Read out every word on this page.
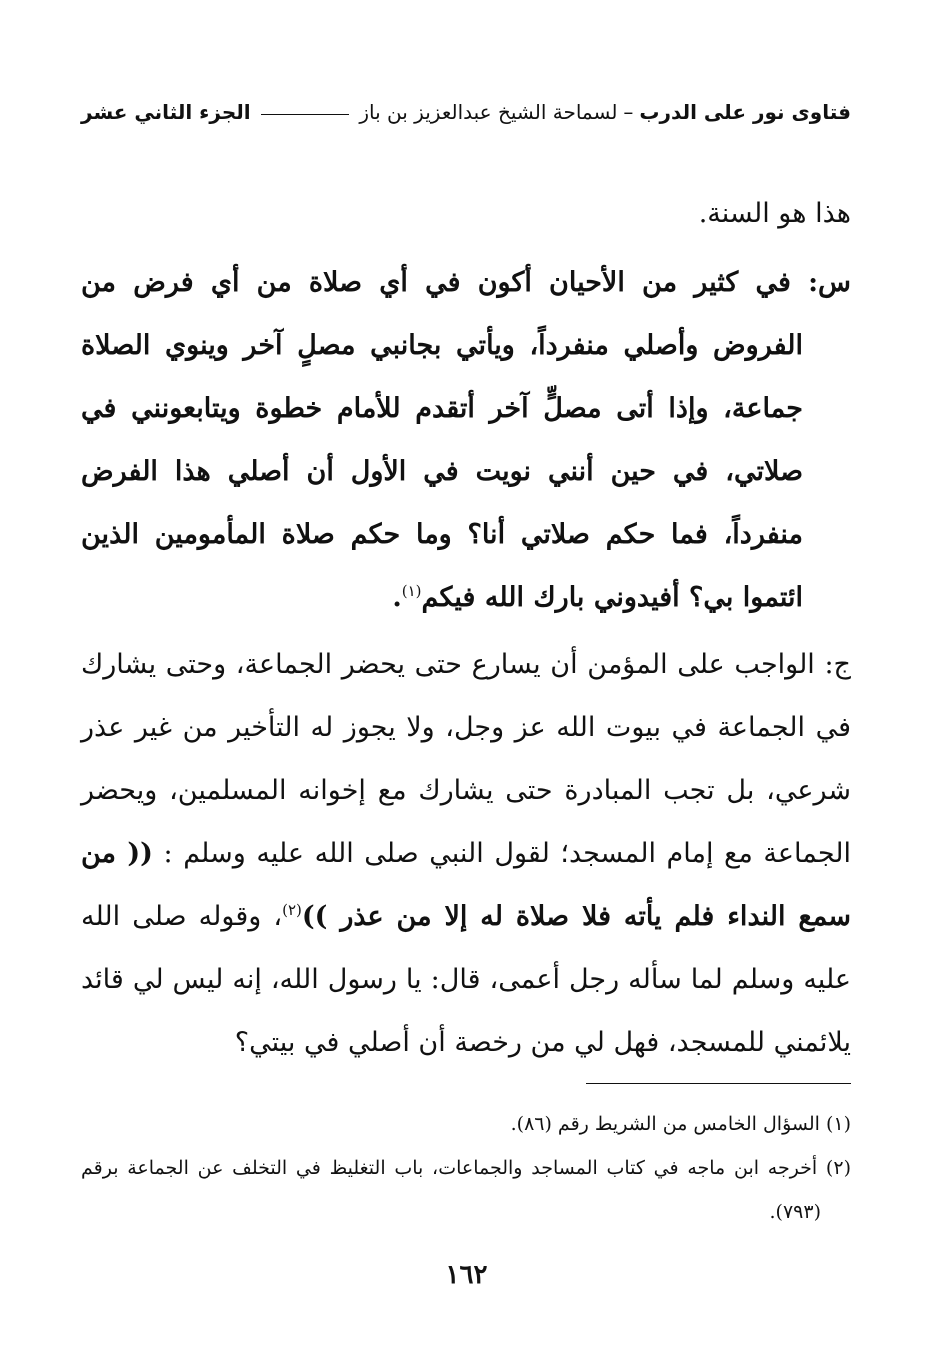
فتاوى نور على الدرب
–
لسماحة الشيخ عبدالعزيز بن باز
الجزء الثاني عشر

هذا هو السنة.

س: في كثير من الأحيان أكون في أي صلاة من أي فرض من الفروض وأصلي منفرداً، ويأتي بجانبي مصلٍ آخر وينوي الصلاة جماعة، وإذا أتى مصلٍّ آخر أتقدم للأمام خطوة ويتابعونني في صلاتي، في حين أنني نويت في الأول أن أصلي هذا الفرض منفرداً، فما حكم صلاتي أنا؟ وما حكم صلاة المأمومين الذين ائتموا بي؟ أفيدوني بارك الله فيكم$^{(١)}$.

ج: الواجب على المؤمن أن يسارع حتى يحضر الجماعة، وحتى يشارك في الجماعة في بيوت الله عز وجل، ولا يجوز له التأخير من غير عذر شرعي، بل تجب المبادرة حتى يشارك مع إخوانه المسلمين، ويحضر الجماعة مع إمام المسجد؛ لقول النبي صلى الله عليه وسلم : (( من سمع النداء فلم يأته فلا صلاة له إلا من عذر ))$^{(٢)}$، وقوله صلى الله عليه وسلم لما سأله رجل أعمى، قال: يا رسول الله، إنه ليس لي قائد يلائمني للمسجد، فهل لي من رخصة أن أصلي في بيتي؟

(١) السؤال الخامس من الشريط رقم (٨٦).

(٢) أخرجه ابن ماجه في كتاب المساجد والجماعات، باب التغليظ في التخلف عن الجماعة برقم (٧٩٣).

١٦٢
